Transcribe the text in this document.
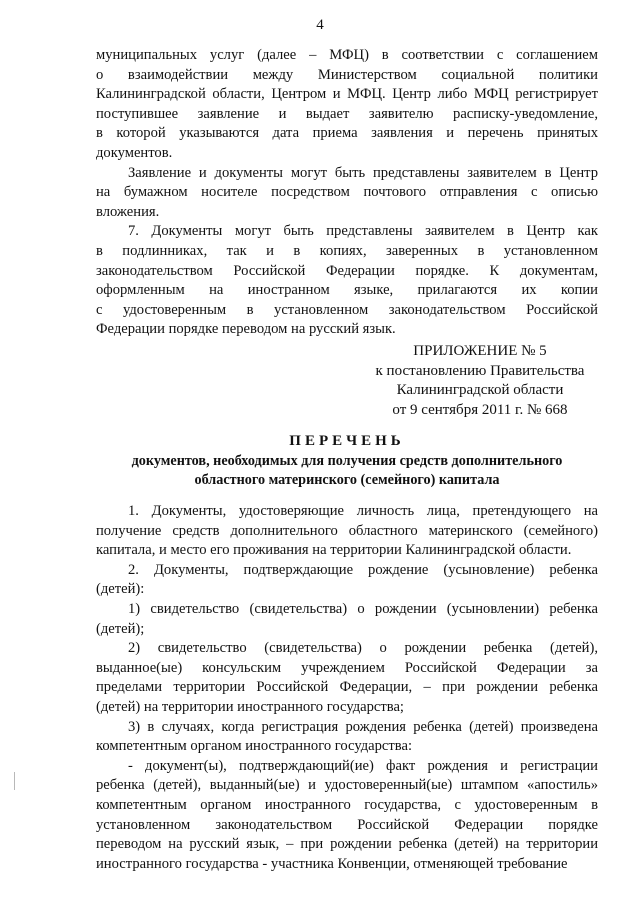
4
муниципальных услуг (далее – МФЦ) в соответствии с соглашением
о взаимодействии между Министерством социальной политики
Калининградской области, Центром и МФЦ. Центр либо МФЦ регистрирует
поступившее заявление и выдает заявителю расписку-уведомление,
в которой указываются дата приема заявления и перечень принятых
документов.
Заявление и документы могут быть представлены заявителем в Центр
на бумажном носителе посредством почтового отправления с описью
вложения.
7. Документы могут быть представлены заявителем в Центр как
в подлинниках, так и в копиях, заверенных в установленном
законодательством Российской Федерации порядке. К документам,
оформленным на иностранном языке, прилагаются их копии
с удостоверенным в установленном законодательством Российской
Федерации порядке переводом на русский язык.
ПРИЛОЖЕНИЕ № 5
к постановлению Правительства
Калининградской области
от 9 сентября 2011 г. № 668
ПЕРЕЧЕНЬ
документов, необходимых для получения средств дополнительного
областного материнского (семейного) капитала
1. Документы, удостоверяющие личность лица, претендующего на
получение средств дополнительного областного материнского (семейного)
капитала, и место его проживания на территории Калининградской области.
2. Документы, подтверждающие рождение (усыновление) ребенка
(детей):
1) свидетельство (свидетельства) о рождении (усыновлении) ребенка
(детей);
2) свидетельство (свидетельства) о рождении ребенка (детей),
выданное(ые) консульским учреждением Российской Федерации за
пределами территории Российской Федерации, – при рождении ребенка
(детей) на территории иностранного государства;
3) в случаях, когда регистрация рождения ребенка (детей) произведена
компетентным органом иностранного государства:
- документ(ы), подтверждающий(ие) факт рождения и регистрации
ребенка (детей), выданный(ые) и удостоверенный(ые) штампом «апостиль»
компетентным органом иностранного государства, с удостоверенным в
установленном законодательством Российской Федерации порядке
переводом на русский язык, – при рождении ребенка (детей) на территории
иностранного государства - участника Конвенции, отменяющей требование
